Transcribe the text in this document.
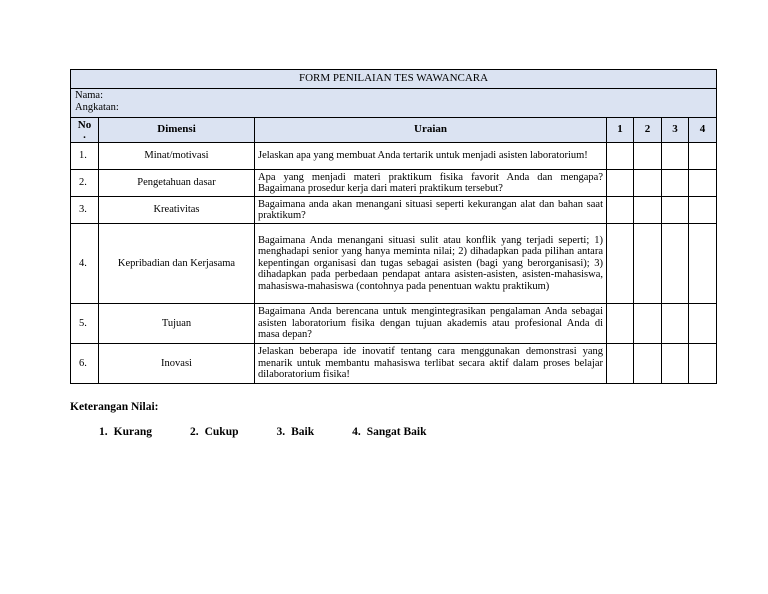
FORM PENILAIAN TES WAWANCARA						

Nama:
Angkatan:						

No
.	Dimensi	Uraian	1	2	3	4
1.	Minat/motivasi	Jelaskan apa yang membuat Anda tertarik untuk menjadi asisten laboratorium!				
2.	Pengetahuan dasar	Apa yang menjadi materi praktikum fisika favorit Anda dan mengapa? Bagaimana prosedur kerja dari materi praktikum tersebut?				
3.	Kreativitas	Bagaimana anda akan menangani situasi seperti kekurangan alat dan bahan saat praktikum?				
4.	Kepribadian dan Kerjasama	Bagaimana Anda menangani situasi sulit atau konflik yang terjadi seperti; 1) menghadapi senior yang hanya meminta nilai; 2) dihadapkan pada pilihan antara kepentingan organisasi dan tugas sebagai asisten (bagi yang berorganisasi); 3) dihadapkan pada perbedaan pendapat antara asisten-asisten, asisten-mahasiswa, mahasiswa-mahasiswa (contohnya pada penentuan waktu praktikum)				
5.	Tujuan	Bagaimana Anda berencana untuk mengintegrasikan pengalaman Anda sebagai asisten laboratorium fisika dengan tujuan akademis atau profesional Anda di masa depan?				
6.	Inovasi	Jelaskan beberapa ide inovatif tentang cara menggunakan demonstrasi yang menarik untuk membantu mahasiswa terlibat secara aktif dalam proses belajar dilaboratorium fisika!				

Keterangan Nilai:

1. Kurang	2. Cukup	3. Baik	4. Sangat Baik
